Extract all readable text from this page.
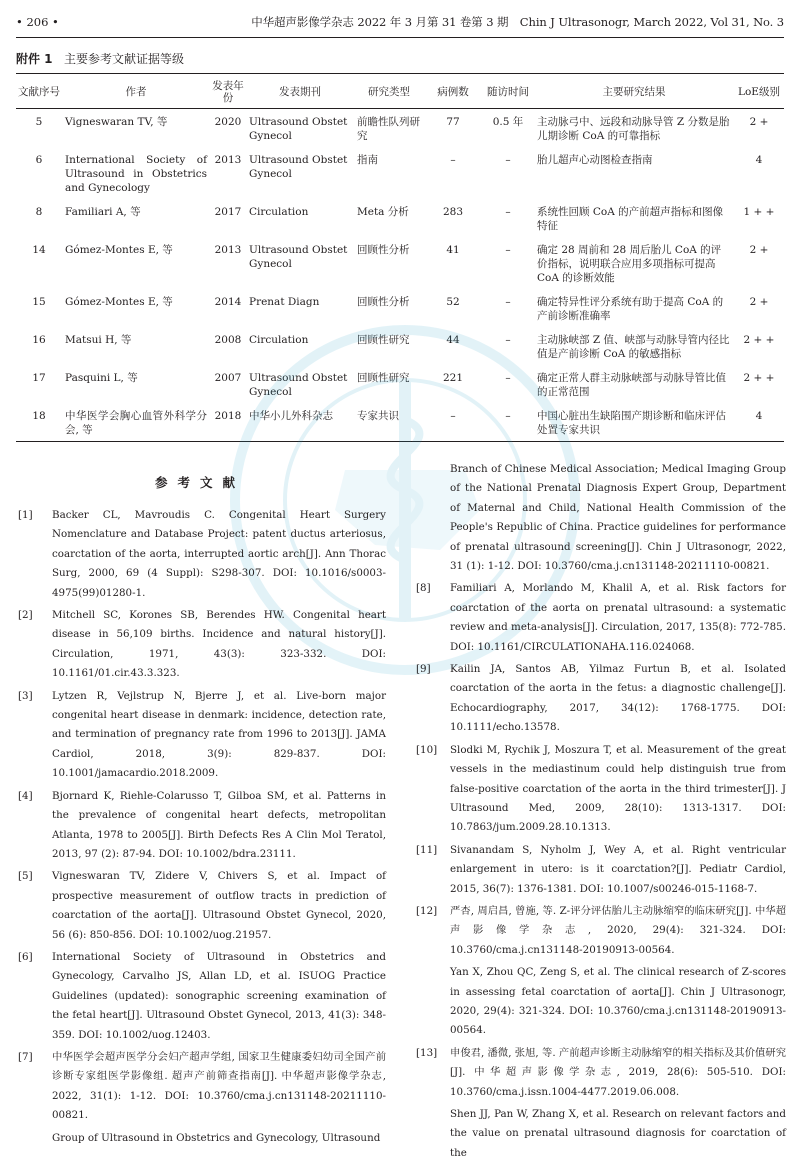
• 206 •	中华超声影像学杂志 2022 年 3 月第 31 卷第 3 期　Chin J Ultrasonogr, March 2022, Vol 31, No. 3
附件 1 主要参考文献证据等级
文献序号	作者	发表年份	发表期刊	研究类型	病例数	随访时间	主要研究结果	LoE级别
5	Vigneswaran TV, 等	2020	Ultrasound Obstet Gynecol	前瞻性队列研究	77	0.5 年	主动脉弓中、远段和动脉导管 Z 分数是胎儿期诊断 CoA 的可靠指标	2 +
6	International Society of Ultrasound in Obstetrics and Gynecology	2013	Ultrasound Obstet Gynecol	指南	–	–	胎儿超声心动图检查指南	4
8	Familiari A, 等	2017	Circulation	Meta 分析	283	–	系统性回顾 CoA 的产前超声指标和图像特征	1 + +
14	Gómez-Montes E, 等	2013	Ultrasound Obstet Gynecol	回顾性分析	41	–	确定 28 周前和 28 周后胎儿 CoA 的评价指标，说明联合应用多项指标可提高 CoA 的诊断效能	2 +
15	Gómez-Montes E, 等	2014	Prenat Diagn	回顾性分析	52	–	确定特异性评分系统有助于提高 CoA 的产前诊断准确率	2 +
16	Matsui H, 等	2008	Circulation	回顾性研究	44	–	主动脉峡部 Z 值、峡部与动脉导管内径比值是产前诊断 CoA 的敏感指标	2 + +
17	Pasquini L, 等	2007	Ultrasound Obstet Gynecol	回顾性研究	221	–	确定正常人群主动脉峡部与动脉导管比值的正常范围	2 + +
18	中华医学会胸心血管外科学分会, 等	2018	中华小儿外科杂志	专家共识	–	–	中国心脏出生缺陷围产期诊断和临床评估处置专家共识	4
参考文献
[1] Backer CL, Mavroudis C. Congenital Heart Surgery Nomenclature and Database Project: patent ductus arteriosus, coarctation of the aorta, interrupted aortic arch[J]. Ann Thorac Surg, 2000, 69 (4 Suppl): S298-307. DOI: 10.1016/s0003-4975(99)01280-1.
[2] Mitchell SC, Korones SB, Berendes HW. Congenital heart disease in 56,109 births. Incidence and natural history[J]. Circulation, 1971, 43(3): 323-332. DOI: 10.1161/01.cir.43.3.323.
[3] Lytzen R, Vejlstrup N, Bjerre J, et al. Live-born major congenital heart disease in denmark: incidence, detection rate, and termination of pregnancy rate from 1996 to 2013[J]. JAMA Cardiol, 2018, 3(9): 829-837. DOI: 10.1001/jamacardio.2018.2009.
[4] Bjornard K, Riehle-Colarusso T, Gilboa SM, et al. Patterns in the prevalence of congenital heart defects, metropolitan Atlanta, 1978 to 2005[J]. Birth Defects Res A Clin Mol Teratol, 2013, 97 (2): 87-94. DOI: 10.1002/bdra.23111.
[5] Vigneswaran TV, Zidere V, Chivers S, et al. Impact of prospective measurement of outflow tracts in prediction of coarctation of the aorta[J]. Ultrasound Obstet Gynecol, 2020, 56 (6): 850-856. DOI: 10.1002/uog.21957.
[6] International Society of Ultrasound in Obstetrics and Gynecology, Carvalho JS, Allan LD, et al. ISUOG Practice Guidelines (updated): sonographic screening examination of the fetal heart[J]. Ultrasound Obstet Gynecol, 2013, 41(3): 348-359. DOI: 10.1002/uog.12403.
[7] 中华医学会超声医学分会妇产超声学组, 国家卫生健康委妇幼司全国产前诊断专家组医学影像组. 超声产前筛查指南[J]. 中华超声影像学杂志, 2022, 31(1): 1-12. DOI: 10.3760/cma.j.cn131148-20211110-00821.
Group of Ultrasound in Obstetrics and Gynecology, Ultrasound
Branch of Chinese Medical Association; Medical Imaging Group of the National Prenatal Diagnosis Expert Group, Department of Maternal and Child, National Health Commission of the People's Republic of China. Practice guidelines for performance of prenatal ultrasound screening[J]. Chin J Ultrasonogr, 2022, 31 (1): 1-12. DOI: 10.3760/cma.j.cn131148-20211110-00821.
[8] Familiari A, Morlando M, Khalil A, et al. Risk factors for coarctation of the aorta on prenatal ultrasound: a systematic review and meta-analysis[J]. Circulation, 2017, 135(8): 772-785. DOI: 10.1161/CIRCULATIONAHA.116.024068.
[9] Kailin JA, Santos AB, Yilmaz Furtun B, et al. Isolated coarctation of the aorta in the fetus: a diagnostic challenge[J]. Echocardiography, 2017, 34(12): 1768-1775. DOI: 10.1111/echo.13578.
[10] Slodki M, Rychik J, Moszura T, et al. Measurement of the great vessels in the mediastinum could help distinguish true from false-positive coarctation of the aorta in the third trimester[J]. J Ultrasound Med, 2009, 28(10): 1313-1317. DOI: 10.7863/jum.2009.28.10.1313.
[11] Sivanandam S, Nyholm J, Wey A, et al. Right ventricular enlargement in utero: is it coarctation?[J]. Pediatr Cardiol, 2015, 36(7): 1376-1381. DOI: 10.1007/s00246-015-1168-7.
[12] 严杏, 周启昌, 曾施, 等. Z-评分评估胎儿主动脉缩窄的临床研究[J]. 中华超声影像学杂志, 2020, 29(4): 321-324. DOI: 10.3760/cma.j.cn131148-20190913-00564.
Yan X, Zhou QC, Zeng S, et al. The clinical research of Z-scores in assessing fetal coarctation of aorta[J]. Chin J Ultrasonogr, 2020, 29(4): 321-324. DOI: 10.3760/cma.j.cn131148-20190913-00564.
[13] 申俊君, 潘微, 张旭, 等. 产前超声诊断主动脉缩窄的相关指标及其价值研究[J]. 中华超声影像学杂志, 2019, 28(6): 505-510. DOI: 10.3760/cma.j.issn.1004-4477.2019.06.008.
Shen JJ, Pan W, Zhang X, et al. Research on relevant factors and the value on prenatal ultrasound diagnosis for coarctation of the
